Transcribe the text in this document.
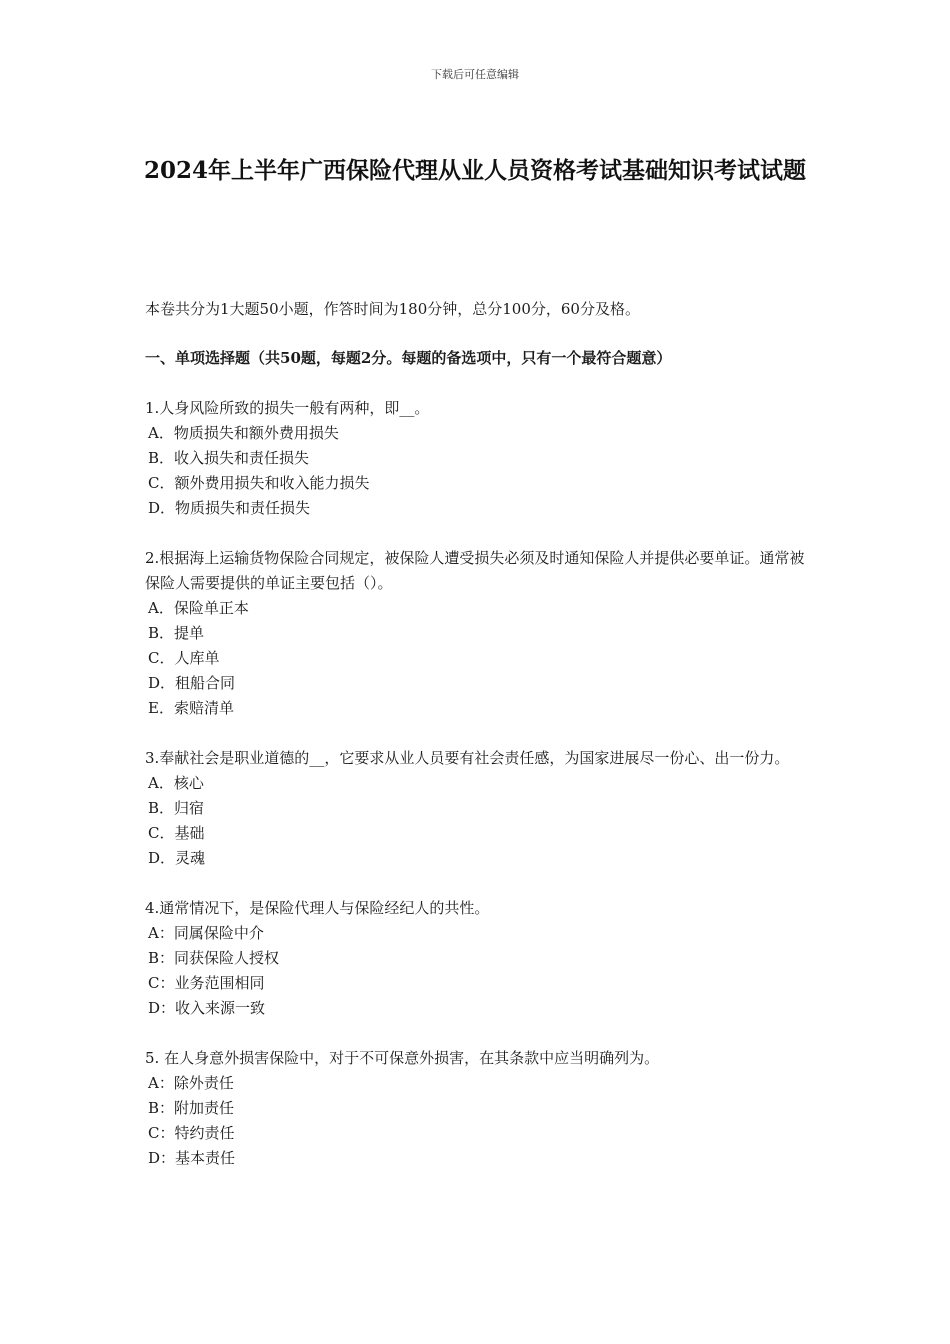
下载后可任意编辑
2024年上半年广西保险代理从业人员资格考试基础知识考试试题

本卷共分为1大题50小题，作答时间为180分钟，总分100分，60分及格。

一、单项选择题（共50题，每题2分。每题的备选项中，只有一个最符合题意）

1.人身风险所致的损失一般有两种，即__。

A．物质损失和额外费用损失
B．收入损失和责任损失
C．额外费用损失和收入能力损失
D．物质损失和责任损失

2.根据海上运输货物保险合同规定，被保险人遭受损失必须及时通知保险人并提供必要单证。通常被保险人需要提供的单证主要包括（）。

A．保险单正本
B．提单
C．人库单
D．租船合同
E．索赔清单

3.奉献社会是职业道德的__，它要求从业人员要有社会责任感，为国家进展尽一份心、出一份力。

A．核心
B．归宿
C．基础
D．灵魂

4.通常情况下，是保险代理人与保险经纪人的共性。

A：同属保险中介
B：同获保险人授权
C：业务范围相同
D：收入来源一致

5. 在人身意外损害保险中，对于不可保意外损害，在其条款中应当明确列为。

A：除外责任
B：附加责任
C：特约责任
D：基本责任
